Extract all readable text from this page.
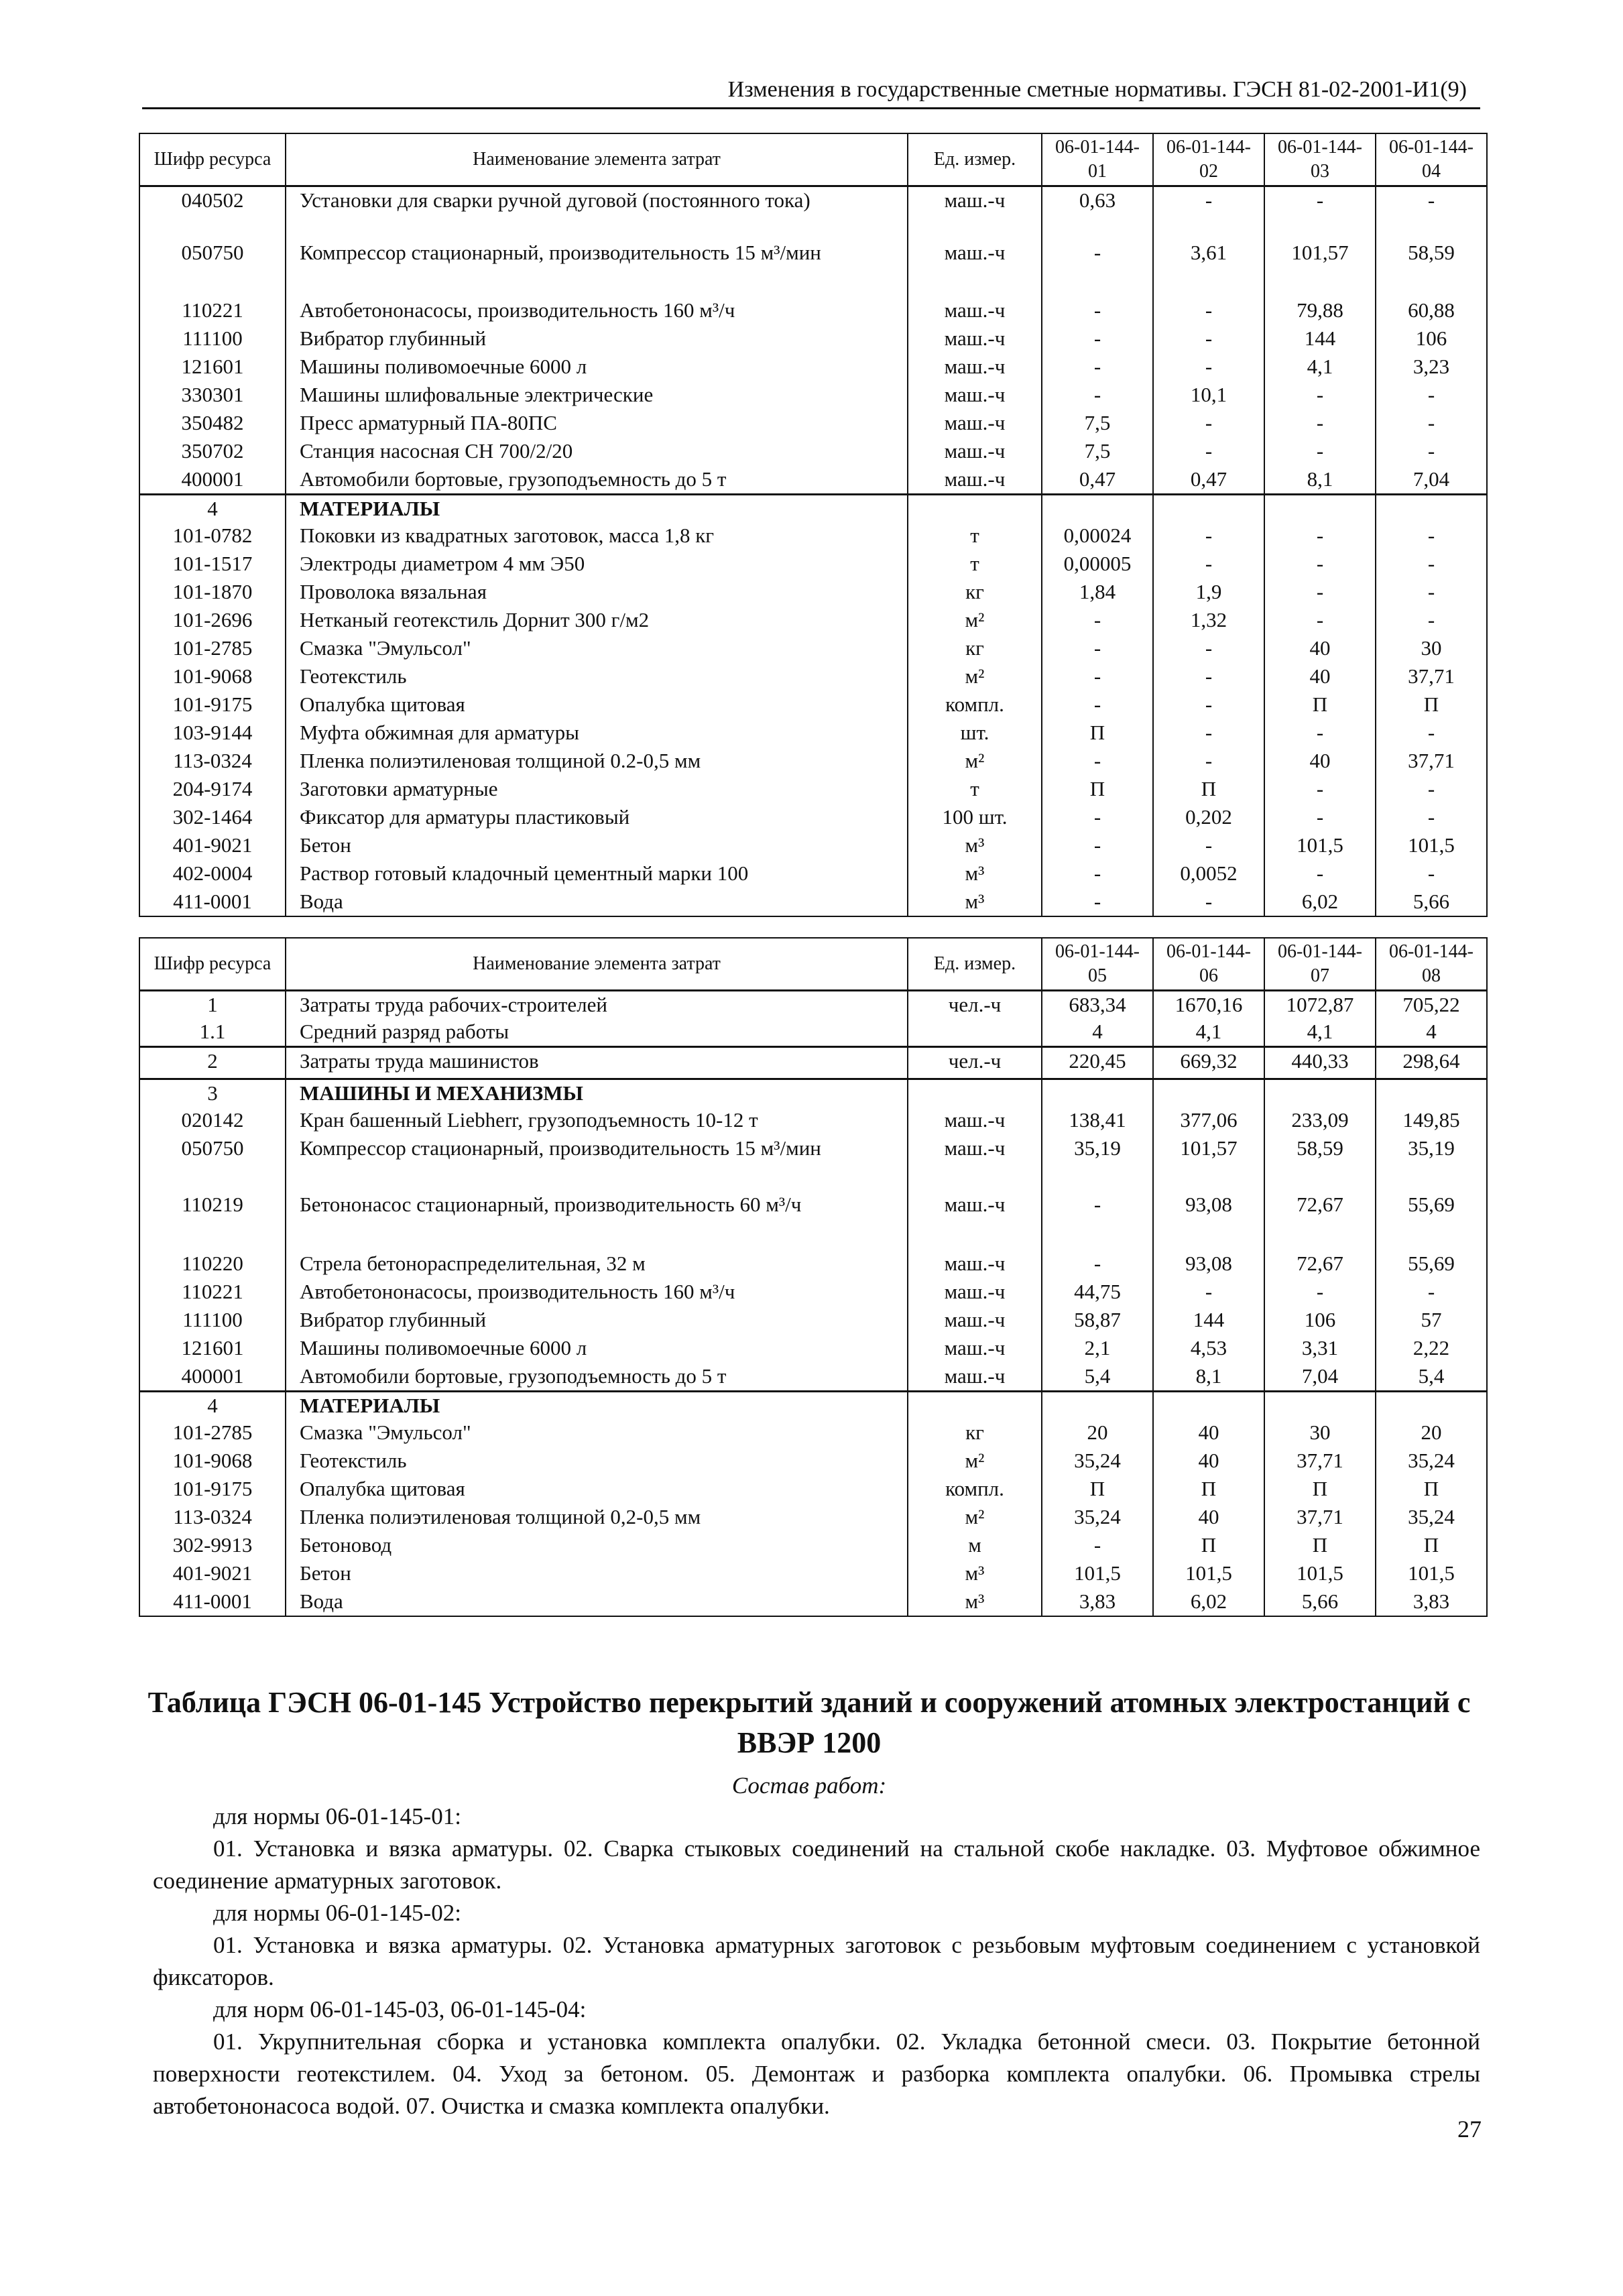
Изменения в государственные сметные нормативы. ГЭСН 81-02-2001-И1(9)
Шифр ресурса	Наименование элемента затрат	Ед. измер.	06-01-144-01	06-01-144-02	06-01-144-03	06-01-144-04
040502	Установки для сварки ручной дуговой (постоянного тока)	маш.-ч	0,63	-	-	-
050750	Компрессор стационарный, производительность 15 м³/мин	маш.-ч	-	3,61	101,57	58,59
110221	Автобетононасосы, производительность 160 м³/ч	маш.-ч	-	-	79,88	60,88
111100	Вибратор глубинный	маш.-ч	-	-	144	106
121601	Машины поливомоечные 6000 л	маш.-ч	-	-	4,1	3,23
330301	Машины шлифовальные электрические	маш.-ч	-	10,1	-	-
350482	Пресс арматурный ПА-80ПС	маш.-ч	7,5	-	-	-
350702	Станция насосная СН 700/2/20	маш.-ч	7,5	-	-	-
400001	Автомобили бортовые, грузоподъемность до 5 т	маш.-ч	0,47	0,47	8,1	7,04
4	МАТЕРИАЛЫ					
101-0782	Поковки из квадратных заготовок, масса 1,8 кг	т	0,00024	-	-	-
101-1517	Электроды диаметром 4 мм Э50	т	0,00005	-	-	-
101-1870	Проволока вязальная	кг	1,84	1,9	-	-
101-2696	Нетканый геотекстиль Дорнит 300 г/м2	м²	-	1,32	-	-
101-2785	Смазка "Эмульсол"	кг	-	-	40	30
101-9068	Геотекстиль	м²	-	-	40	37,71
101-9175	Опалубка щитовая	компл.	-	-	П	П
103-9144	Муфта обжимная для арматуры	шт.	П	-	-	-
113-0324	Пленка полиэтиленовая толщиной 0.2-0,5 мм	м²	-	-	40	37,71
204-9174	Заготовки арматурные	т	П	П	-	-
302-1464	Фиксатор для арматуры пластиковый	100 шт.	-	0,202	-	-
401-9021	Бетон	м³	-	-	101,5	101,5
402-0004	Раствор готовый кладочный цементный марки 100	м³	-	0,0052	-	-
411-0001	Вода	м³	-	-	6,02	5,66
Шифр ресурса	Наименование элемента затрат	Ед. измер.	06-01-144-05	06-01-144-06	06-01-144-07	06-01-144-08
1	Затраты труда рабочих-строителей	чел.-ч	683,34	1670,16	1072,87	705,22
1.1	Средний разряд работы		4	4,1	4,1	4
2	Затраты труда машинистов	чел.-ч	220,45	669,32	440,33	298,64
3	МАШИНЫ И МЕХАНИЗМЫ					
020142	Кран башенный Liebherr, грузоподъемность 10-12 т	маш.-ч	138,41	377,06	233,09	149,85
050750	Компрессор стационарный, производительность 15 м³/мин	маш.-ч	35,19	101,57	58,59	35,19
110219	Бетононасос стационарный, производительность 60 м³/ч	маш.-ч	-	93,08	72,67	55,69
110220	Стрела бетонораспределительная, 32 м	маш.-ч	-	93,08	72,67	55,69
110221	Автобетононасосы, производительность 160 м³/ч	маш.-ч	44,75	-	-	-
111100	Вибратор глубинный	маш.-ч	58,87	144	106	57
121601	Машины поливомоечные 6000 л	маш.-ч	2,1	4,53	3,31	2,22
400001	Автомобили бортовые, грузоподъемность до 5 т	маш.-ч	5,4	8,1	7,04	5,4
4	МАТЕРИАЛЫ					
101-2785	Смазка "Эмульсол"	кг	20	40	30	20
101-9068	Геотекстиль	м²	35,24	40	37,71	35,24
101-9175	Опалубка щитовая	компл.	П	П	П	П
113-0324	Пленка полиэтиленовая толщиной 0,2-0,5 мм	м²	35,24	40	37,71	35,24
302-9913	Бетоновод	м	-	П	П	П
401-9021	Бетон	м³	101,5	101,5	101,5	101,5
411-0001	Вода	м³	3,83	6,02	5,66	3,83
Таблица ГЭСН 06-01-145 Устройство перекрытий зданий и сооружений атомных электростанций с ВВЭР 1200
Состав работ:

для нормы 06-01-145-01:

01. Установка и вязка арматуры. 02. Сварка стыковых соединений на стальной скобе накладке. 03. Муфтовое обжимное соединение арматурных заготовок.

для нормы 06-01-145-02:

01. Установка и вязка арматуры. 02. Установка арматурных заготовок с резьбовым муфтовым соединением с установкой фиксаторов.

для норм 06-01-145-03, 06-01-145-04:

01. Укрупнительная сборка и установка комплекта опалубки. 02. Укладка бетонной смеси. 03. Покрытие бетонной поверхности геотекстилем. 04. Уход за бетоном. 05. Демонтаж и разборка комплекта опалубки. 06. Промывка стрелы автобетононасоса водой. 07. Очистка и смазка комплекта опалубки.

27
